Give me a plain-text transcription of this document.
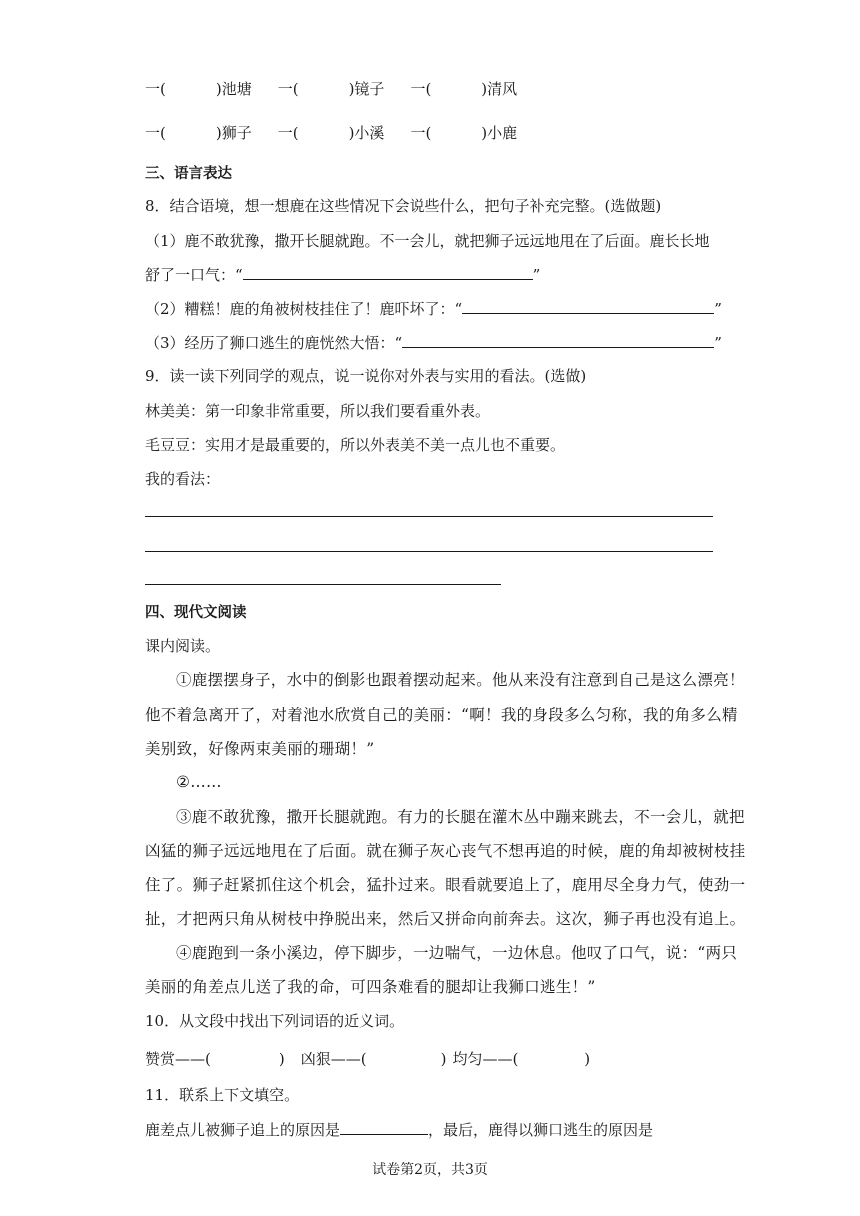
一(	)池塘 一(	)镜子 一(	)清风
一(	)狮子 一(	)小溪 一(	)小鹿
三、语言表达
8．结合语境，想一想鹿在这些情况下会说些什么，把句子补充完整。(选做题)
（1）鹿不敢犹豫，撒开长腿就跑。不一会儿，就把狮子远远地甩在了后面。鹿长长地
舒了一口气：“	”
（2）糟糕！鹿的角被树枝挂住了！鹿吓坏了：“	”
（3）经历了狮口逃生的鹿恍然大悟：“	”
9．读一读下列同学的观点，说一说你对外表与实用的看法。(选做)
林美美：第一印象非常重要，所以我们要看重外表。
毛豆豆：实用才是最重要的，所以外表美不美一点儿也不重要。
我的看法：
四、现代文阅读
课内阅读。
①鹿摆摆身子，水中的倒影也跟着摆动起来。他从来没有注意到自己是这么漂亮！
他不着急离开了，对着池水欣赏自己的美丽：“啊！我的身段多么匀称，我的角多么精
美别致，好像两束美丽的珊瑚！”
②……
③鹿不敢犹豫，撒开长腿就跑。有力的长腿在灌木丛中蹦来跳去，不一会儿，就把
凶猛的狮子远远地甩在了后面。就在狮子灰心丧气不想再追的时候，鹿的角却被树枝挂
住了。狮子赶紧抓住这个机会，猛扑过来。眼看就要追上了，鹿用尽全身力气，使劲一
扯，才把两只角从树枝中挣脱出来，然后又拼命向前奔去。这次，狮子再也没有追上。
④鹿跑到一条小溪边，停下脚步，一边喘气，一边休息。他叹了口气，说：“两只
美丽的角差点儿送了我的命，可四条难看的腿却让我狮口逃生！”
10．从文段中找出下列词语的近义词。
赞赏——(	) 凶狠——(	) 均匀——(	)
11．联系上下文填空。
鹿差点儿被狮子追上的原因是	，最后，鹿得以狮口逃生的原因是
试卷第2页，共3页
